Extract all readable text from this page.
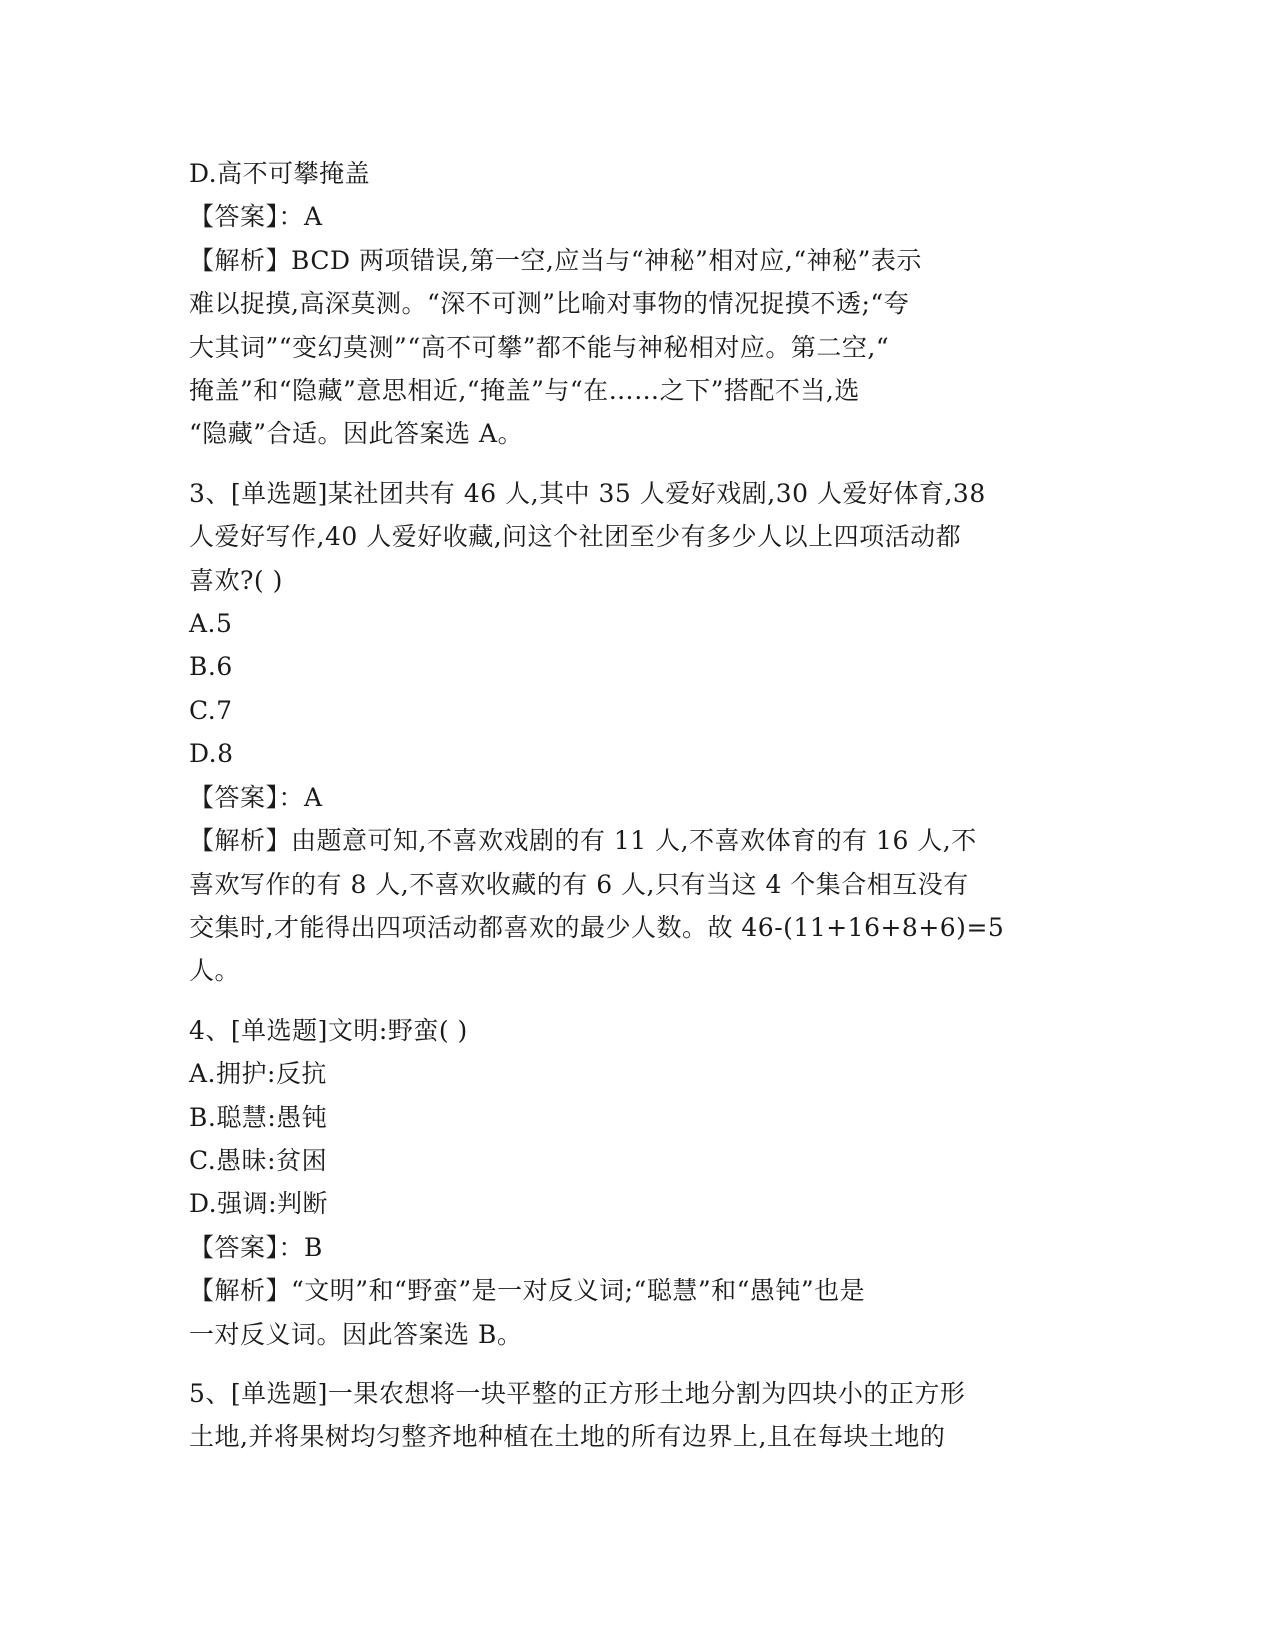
D.高不可攀掩盖
【答案】：A
【解析】BCD 两项错误,第一空,应当与“神秘”相对应,“神秘”表示
难以捉摸,高深莫测。“深不可测”比喻对事物的情况捉摸不透;“夸
大其词”“变幻莫测”“高不可攀”都不能与神秘相对应。第二空,“
掩盖”和“隐藏”意思相近,“掩盖”与“在……之下”搭配不当,选
“隐藏”合适。因此答案选 A。
3、[单选题]某社团共有 46 人,其中 35 人爱好戏剧,30 人爱好体育,38
人爱好写作,40 人爱好收藏,问这个社团至少有多少人以上四项活动都
喜欢?( )
A.5
B.6
C.7
D.8
【答案】：A
【解析】由题意可知,不喜欢戏剧的有 11 人,不喜欢体育的有 16 人,不
喜欢写作的有 8 人,不喜欢收藏的有 6 人,只有当这 4 个集合相互没有
交集时,才能得出四项活动都喜欢的最少人数。故 46-(11+16+8+6)=5
人。
4、[单选题]文明:野蛮( )
A.拥护:反抗
B.聪慧:愚钝
C.愚昧:贫困
D.强调:判断
【答案】：B
【解析】“文明”和“野蛮”是一对反义词;“聪慧”和“愚钝”也是
一对反义词。因此答案选 B。
5、[单选题]一果农想将一块平整的正方形土地分割为四块小的正方形
土地,并将果树均匀整齐地种植在土地的所有边界上,且在每块土地的
